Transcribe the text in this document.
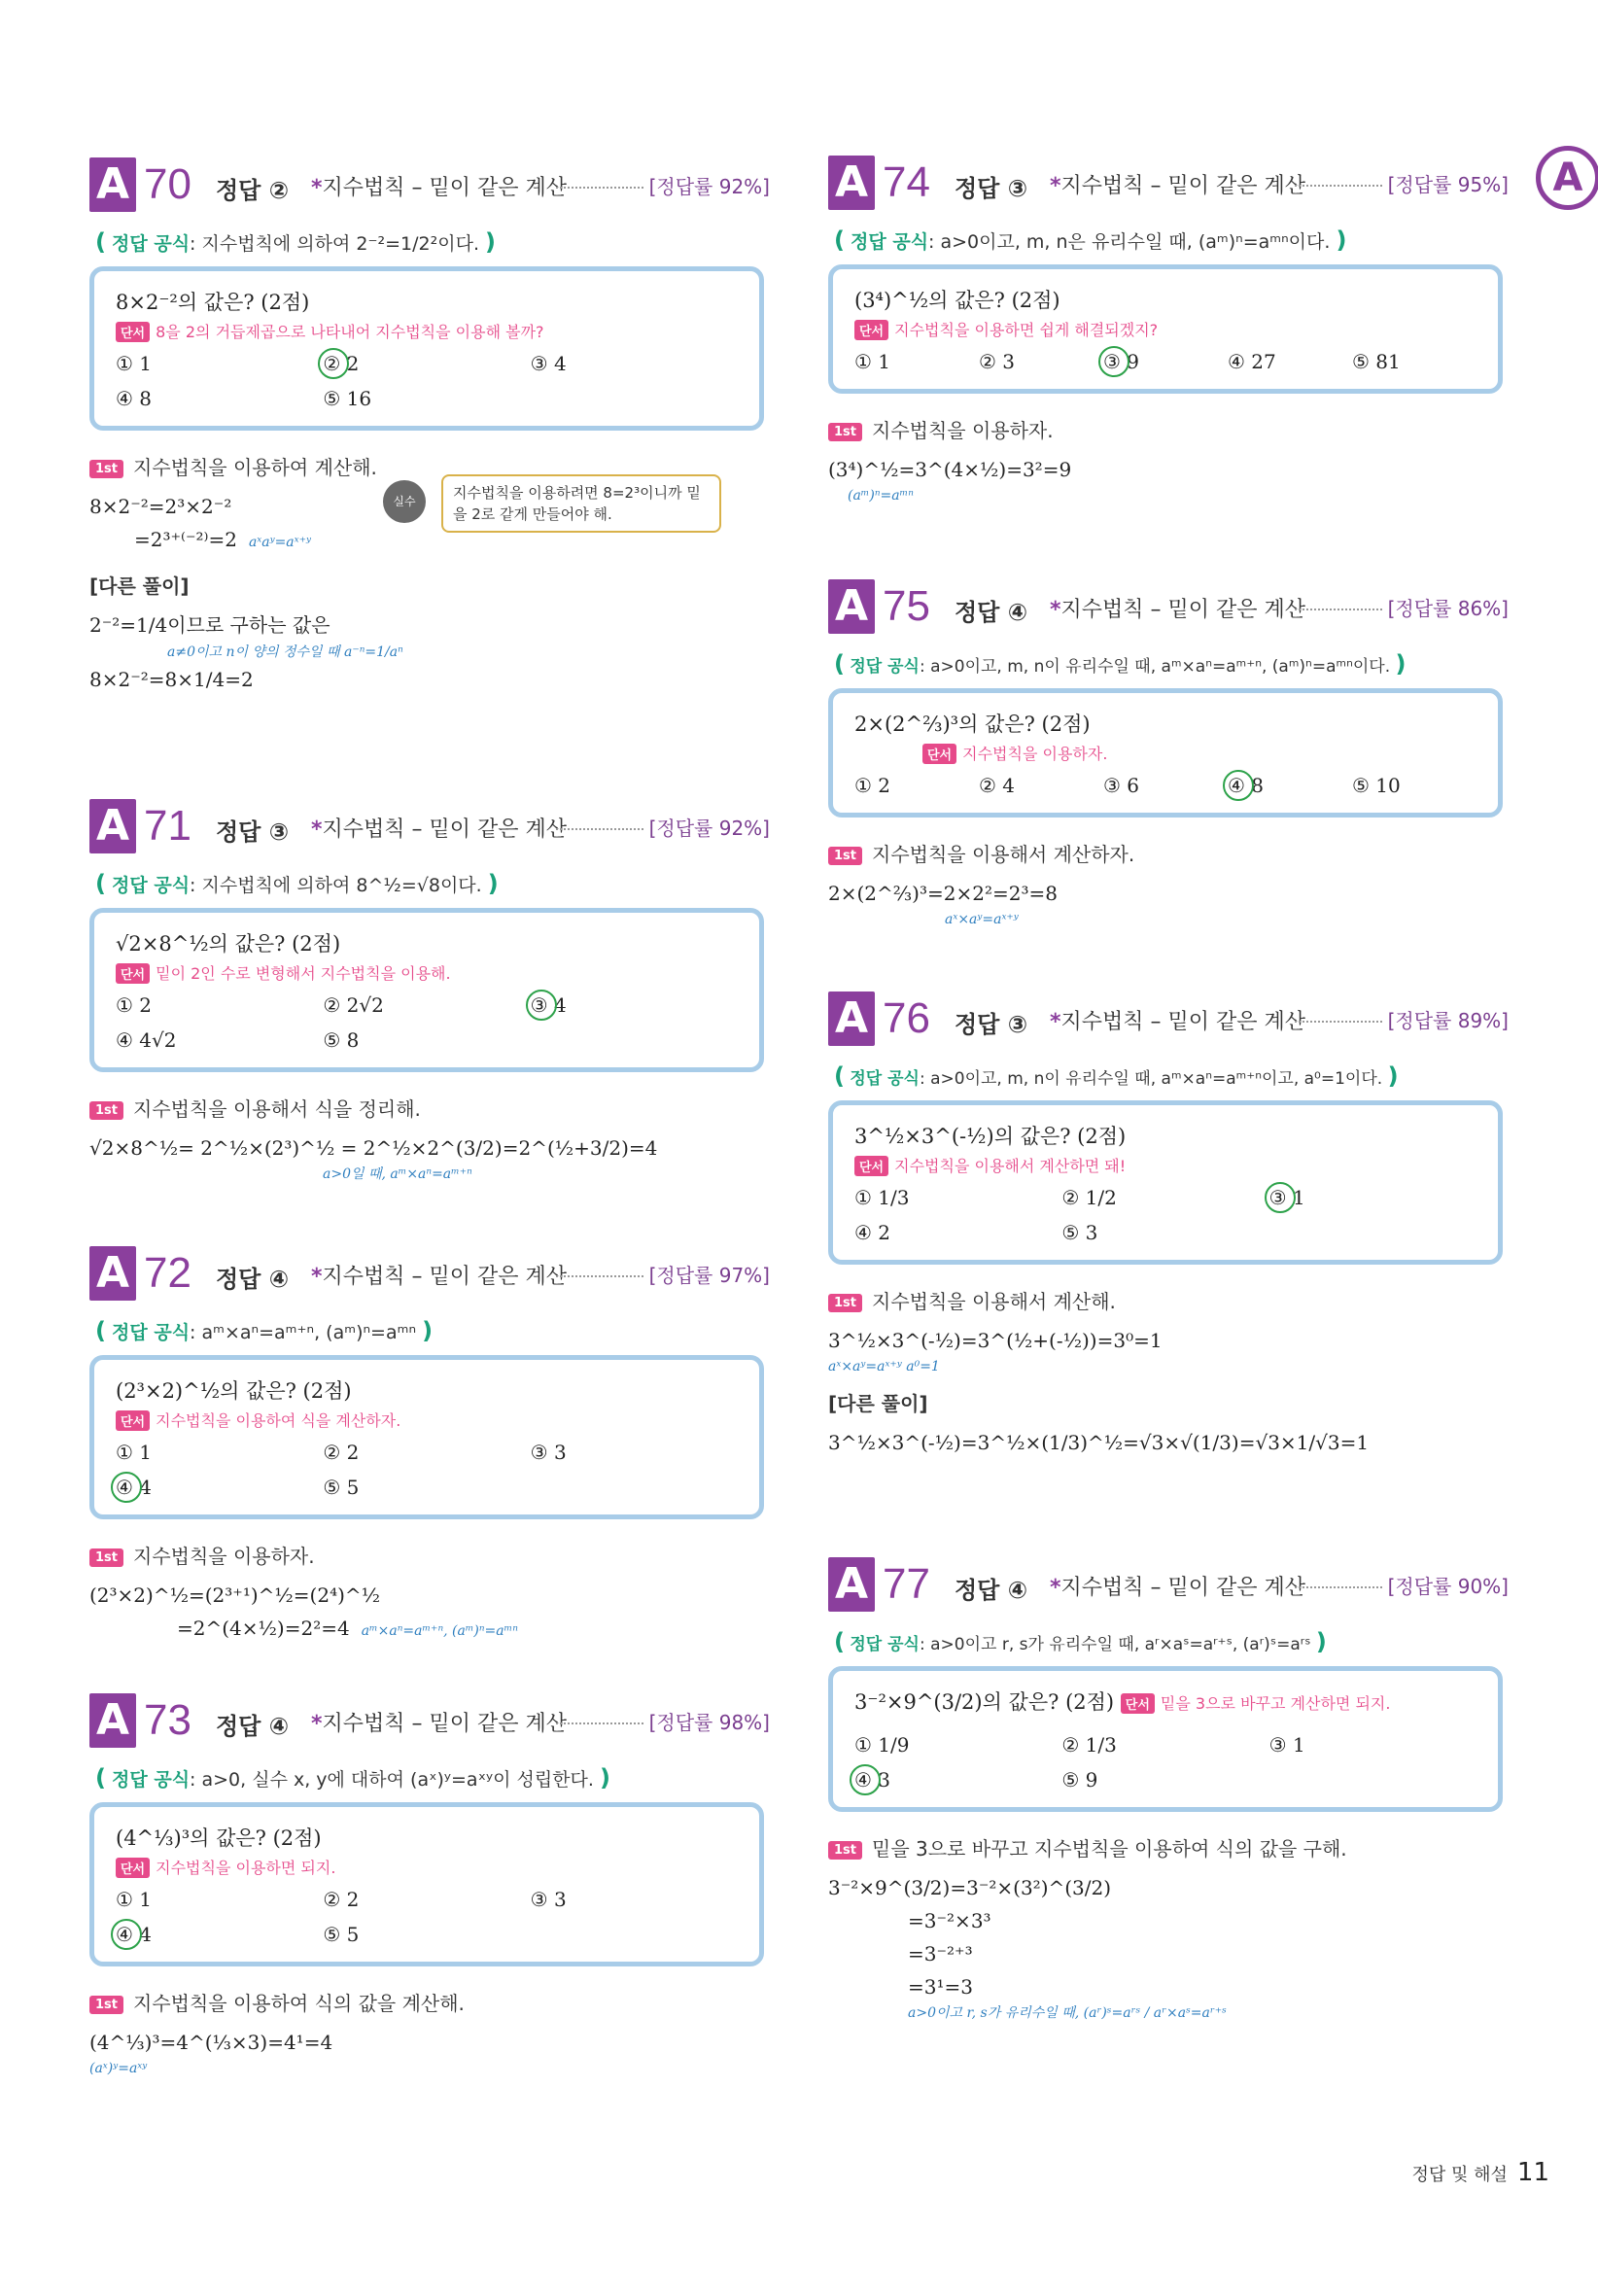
A 70 정답 ② *지수법칙 – 밑이 같은 계산	[정답률 92%]
( 정답 공식: 지수법칙에 의하여 2⁻²=1/2²이다. )
8×2⁻²의 값은? (2점)
단서 8을 2의 거듭제곱으로 나타내어 지수법칙을 이용해 볼까?
① 1	② 2	③ 4
④ 8	⑤ 16
1st 지수법칙을 이용하여 계산해.
실수	지수법칙을 이용하려면 8=2³이니까 밑을 2로 같게 만들어야 해.
8×2⁻²=2³×2⁻²
=2³⁺⁽⁻²⁾=2 aˣaʸ=aˣ⁺ʸ
[다른 풀이]
2⁻²=1/4이므로 구하는 값은
a≠0이고 n이 양의 정수일 때 a⁻ⁿ=1/aⁿ
8×2⁻²=8×1/4=2
A 71 정답 ③ *지수법칙 – 밑이 같은 계산	[정답률 92%]
( 정답 공식: 지수법칙에 의하여 8^½=√8이다. )
√2×8^½의 값은? (2점)
단서 밑이 2인 수로 변형해서 지수법칙을 이용해.
① 2	② 2√2	③ 4
④ 4√2	⑤ 8
1st 지수법칙을 이용해서 식을 정리해.
√2×8^½= 2^½×(2³)^½ = 2^½×2^(3/2)=2^(½+3/2)=4
a>0일 때, aᵐ×aⁿ=aᵐ⁺ⁿ
A 72 정답 ④ *지수법칙 – 밑이 같은 계산	[정답률 97%]
( 정답 공식: aᵐ×aⁿ=aᵐ⁺ⁿ, (aᵐ)ⁿ=aᵐⁿ )
(2³×2)^½의 값은? (2점)
단서 지수법칙을 이용하여 식을 계산하자.
① 1	② 2	③ 3
④ 4	⑤ 5
1st 지수법칙을 이용하자.
(2³×2)^½=(2³⁺¹)^½=(2⁴)^½
=2^(4×½)=2²=4 aᵐ×aⁿ=aᵐ⁺ⁿ, (aᵐ)ⁿ=aᵐⁿ
A 73 정답 ④ *지수법칙 – 밑이 같은 계산	[정답률 98%]
( 정답 공식: a>0, 실수 x, y에 대하여 (aˣ)ʸ=aˣʸ이 성립한다. )
(4^⅓)³의 값은? (2점)
단서 지수법칙을 이용하면 되지.
① 1	② 2	③ 3
④ 4	⑤ 5
1st 지수법칙을 이용하여 식의 값을 계산해.
(4^⅓)³=4^(⅓×3)=4¹=4
(aˣ)ʸ=aˣʸ
A 74 정답 ③ *지수법칙 – 밑이 같은 계산	[정답률 95%]
( 정답 공식: a>0이고, m, n은 유리수일 때, (aᵐ)ⁿ=aᵐⁿ이다. )
(3⁴)^½의 값은? (2점)
단서 지수법칙을 이용하면 쉽게 해결되겠지?
① 1	② 3	③ 9	④ 27	⑤ 81
1st 지수법칙을 이용하자.
(3⁴)^½=3^(4×½)=3²=9
(aᵐ)ⁿ=aᵐⁿ
A 75 정답 ④ *지수법칙 – 밑이 같은 계산	[정답률 86%]
( 정답 공식: a>0이고, m, n이 유리수일 때, aᵐ×aⁿ=aᵐ⁺ⁿ, (aᵐ)ⁿ=aᵐⁿ이다. )
2×(2^⅔)³의 값은? (2점)
단서 지수법칙을 이용하자.
① 2	② 4	③ 6	④ 8	⑤ 10
1st 지수법칙을 이용해서 계산하자.
2×(2^⅔)³=2×2²=2³=8
aˣ×aʸ=aˣ⁺ʸ
A 76 정답 ③ *지수법칙 – 밑이 같은 계산	[정답률 89%]
( 정답 공식: a>0이고, m, n이 유리수일 때, aᵐ×aⁿ=aᵐ⁺ⁿ이고, a⁰=1이다. )
3^½×3^(-½)의 값은? (2점)
단서 지수법칙을 이용해서 계산하면 돼!
① 1/3	② 1/2	③ 1
④ 2	⑤ 3
1st 지수법칙을 이용해서 계산해.
3^½×3^(-½)=3^(½+(-½))=3⁰=1
aˣ×aʸ=aˣ⁺ʸ a⁰=1
[다른 풀이]
3^½×3^(-½)=3^½×(1/3)^½=√3×√(1/3)=√3×1/√3=1
A 77 정답 ④ *지수법칙 – 밑이 같은 계산	[정답률 90%]
( 정답 공식: a>0이고 r, s가 유리수일 때, aʳ×aˢ=aʳ⁺ˢ, (aʳ)ˢ=aʳˢ )
3⁻²×9^(3/2)의 값은? (2점) 단서 밑을 3으로 바꾸고 계산하면 되지.
① 1/9	② 1/3	③ 1
④ 3	⑤ 9
1st 밑을 3으로 바꾸고 지수법칙을 이용하여 식의 값을 구해.
3⁻²×9^(3/2)=3⁻²×(3²)^(3/2)
=3⁻²×3³
=3⁻²⁺³
=3¹=3
a>0이고 r, s가 유리수일 때, (aʳ)ˢ=aʳˢ / aʳ×aˢ=aʳ⁺ˢ
A
정답 및 해설 11
